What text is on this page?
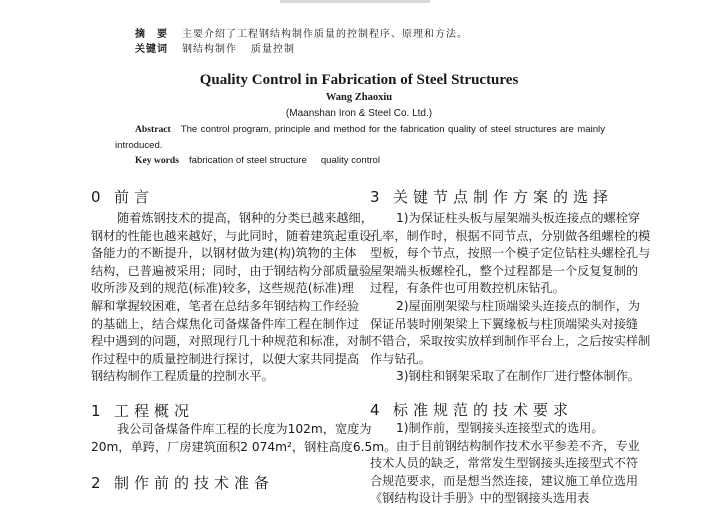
摘　要 主要介绍了工程钢结构制作质量的控制程序、原理和方法。
关键词 钢结构制作 质量控制
Quality Control in Fabrication of Steel Structures
Wang Zhaoxiu
(Maanshan Iron & Steel Co. Ltd.)
Abstract The control program, principle and method for the fabrication quality of steel structures are mainly introduced.
Key words fabrication of steel structure quality control
0 前言
随着炼钢技术的提高，钢种的分类已越来越细，
钢材的性能也越来越好，与此同时，随着建筑起重设
备能力的不断提升，以钢材做为建(构)筑物的主体
结构，已普遍被采用；同时，由于钢结构分部质量验
收所涉及到的规范(标准)较多，这些规范(标准)理
解和掌握较困难，笔者在总结多年钢结构工作经验
的基础上，结合煤焦化司备煤备件库工程在制作过
程中遇到的问题，对照现行几十种规范和标准，对制
作过程中的质量控制进行探讨，以便大家共同提高
钢结构制作工程质量的控制水平。
1 工程概况
我公司备煤备件库工程的长度为102m，宽度为
20m，单跨，厂房建筑面积2 074m²，钢柱高度6.5m。
2 制作前的技术准备
3 关键节点制作方案的选择
1)为保证柱头板与屋架端头板连接点的螺栓穿
孔率，制作时，根据不同节点，分别做各组螺栓的模
型板，每个节点，按照一个模子定位钻柱头螺栓孔与
屋架端头板螺栓孔，整个过程都是一个反复复制的
过程，有条件也可用数控机床钻孔。
2)屋面刚架梁与柱顶端梁头连接点的制作，为
保证吊装时刚架梁上下翼缘板与柱顶端梁头对接缝
不错合，采取按实放样到制作平台上，之后按实样制
作与钻孔。
3)钢柱和钢架采取了在制作厂进行整体制作。
4 标准规范的技术要求
1)制作前，型钢接头连接型式的选用。
由于目前钢结构制作技术水平参差不齐，专业
技术人员的缺乏，常常发生型钢接头连接型式不符
合规范要求，而是想当然连接，建议施工单位选用
《钢结构设计手册》中的型钢接头选用表
